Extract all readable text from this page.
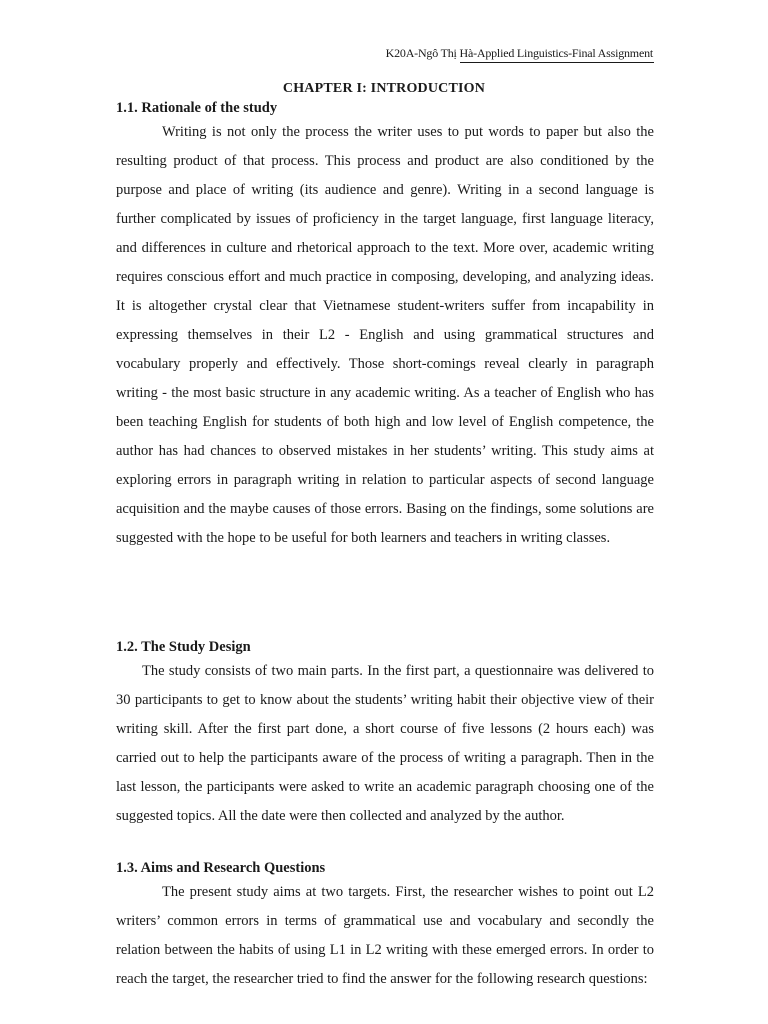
K20A-Ngô Thị Hà-Applied Linguistics-Final Assignment
CHAPTER I: INTRODUCTION
1.1. Rationale of the study

Writing is not only the process the writer uses to put words to paper but also the resulting product of that process. This process and product are also conditioned by the purpose and place of writing (its audience and genre). Writing in a second language is further complicated by issues of proficiency in the target language, first language literacy, and differences in culture and rhetorical approach to the text. More over, academic writing requires conscious effort and much practice in composing, developing, and analyzing ideas. It is altogether crystal clear that Vietnamese student-writers suffer from incapability in expressing themselves in their L2 - English and using grammatical structures and vocabulary properly and effectively. Those short-comings reveal clearly in paragraph writing - the most basic structure in any academic writing. As a teacher of English who has been teaching English for students of both high and low level of English competence, the author has had chances to observed mistakes in her students’ writing. This study aims at exploring errors in paragraph writing in relation to particular aspects of second language acquisition and the maybe causes of those errors. Basing on the findings, some solutions are suggested with the hope to be useful for both learners and teachers in writing classes.

1.2. The Study Design

The study consists of two main parts. In the first part, a questionnaire was delivered to 30 participants to get to know about the students’ writing habit their objective view of their writing skill. After the first part done, a short course of five lessons (2 hours each) was carried out to help the participants aware of the process of writing a paragraph. Then in the last lesson, the participants were asked to write an academic paragraph choosing one of the suggested topics. All the date were then collected and analyzed by the author.

1.3. Aims and Research Questions

The present study aims at two targets. First, the researcher wishes to point out L2 writers’ common errors in terms of grammatical use and vocabulary and secondly the relation between the habits of using L1 in L2 writing with these emerged errors. In order to reach the target, the researcher tried to find the answer for the following research questions:
